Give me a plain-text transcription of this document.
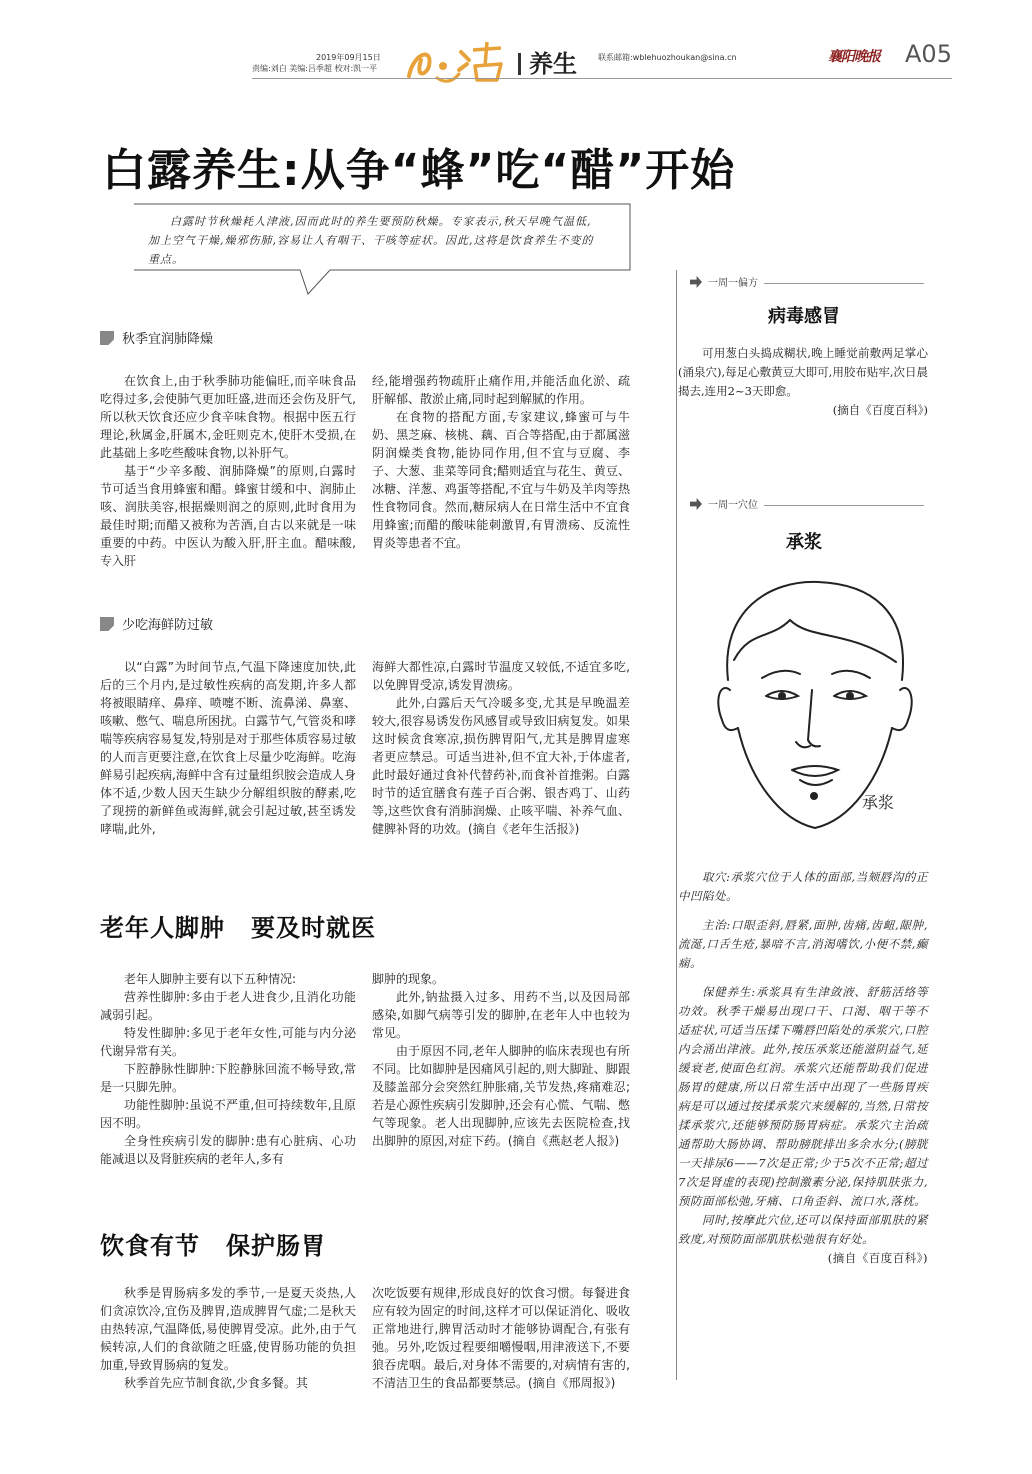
2019年09月15日
责编:刘白 美编:吕季超 校对:凯一平	养生	联系邮箱:wblehuozhoukan@sina.cn	襄阳晚报 A05
白露养生:从争“蜂”吃“醋”开始
白露时节秋燥耗人津液,因而此时的养生要预防秋燥。专家表示,秋天早晚气温低,加上空气干燥,燥邪伤肺,容易让人有咽干、干咳等症状。因此,这将是饮食养生不变的重点。
秋季宜润肺降燥

在饮食上,由于秋季肺功能偏旺,而辛味食品吃得过多,会使肺气更加旺盛,进而还会伤及肝气,所以秋天饮食还应少食辛味食物。根据中医五行理论,秋属金,肝属木,金旺则克木,使肝木受损,在此基础上多吃些酸味食物,以补肝气。

基于“少辛多酸、润肺降燥”的原则,白露时节可适当食用蜂蜜和醋。蜂蜜甘缓和中、润肺止咳、润肤美容,根据燥则润之的原则,此时食用为最佳时期;而醋又被称为苦酒,自古以来就是一味重要的中药。中医认为酸入肝,肝主血。醋味酸,专入肝

经,能增强药物疏肝止痛作用,并能活血化淤、疏肝解郁、散淤止痛,同时起到解腻的作用。

在食物的搭配方面,专家建议,蜂蜜可与牛奶、黑芝麻、核桃、藕、百合等搭配,由于都属滋阴润燥类食物,能协同作用,但不宜与豆腐、李子、大葱、韭菜等同食;醋则适宜与花生、黄豆、冰糖、洋葱、鸡蛋等搭配,不宜与牛奶及羊肉等热性食物同食。然而,糖尿病人在日常生活中不宜食用蜂蜜;而醋的酸味能刺激胃,有胃溃疡、反流性胃炎等患者不宜。

少吃海鲜防过敏

以“白露”为时间节点,气温下降速度加快,此后的三个月内,是过敏性疾病的高发期,许多人都将被眼睛痒、鼻痒、喷嚏不断、流鼻涕、鼻塞、咳嗽、憋气、喘息所困扰。白露节气,气管炎和哮喘等疾病容易复发,特别是对于那些体质容易过敏的人而言更要注意,在饮食上尽量少吃海鲜。吃海鲜易引起疾病,海鲜中含有过量组织胺会造成人身体不适,少数人因天生缺少分解组织胺的酵素,吃了现捞的新鲜鱼或海鲜,就会引起过敏,甚至诱发哮喘,此外,

海鲜大都性凉,白露时节温度又较低,不适宜多吃,以免脾胃受凉,诱发胃溃疡。

此外,白露后天气冷暖多变,尤其是早晚温差较大,很容易诱发伤风感冒或导致旧病复发。如果这时候贪食寒凉,损伤脾胃阳气,尤其是脾胃虚寒者更应禁忌。可适当进补,但不宜大补,于体虚者,此时最好通过食补代替药补,而食补首推粥。白露时节的适宜膳食有莲子百合粥、银杏鸡丁、山药等,这些饮食有消肺润燥、止咳平喘、补养气血、健脾补肾的功效。(摘自《老年生活报》)

老年人脚肿 要及时就医

老年人脚肿主要有以下五种情况:

营养性脚肿:多由于老人进食少,且消化功能减弱引起。

特发性脚肿:多见于老年女性,可能与内分泌代谢异常有关。

下腔静脉性脚肿:下腔静脉回流不畅导致,常是一只脚先肿。

功能性脚肿:虽说不严重,但可持续数年,且原因不明。

全身性疾病引发的脚肿:患有心脏病、心功能减退以及肾脏疾病的老年人,多有

脚肿的现象。

此外,钠盐摄入过多、用药不当,以及因局部感染,如脚气病等引发的脚肿,在老年人中也较为常见。

由于原因不同,老年人脚肿的临床表现也有所不同。比如脚肿是因痛风引起的,则大脚趾、脚跟及膝盖部分会突然红肿胀痛,关节发热,疼痛难忍;若是心源性疾病引发脚肿,还会有心慌、气喘、憋气等现象。老人出现脚肿,应该先去医院检查,找出脚肿的原因,对症下药。(摘自《燕赵老人报》)

饮食有节 保护肠胃

秋季是胃肠病多发的季节,一是夏天炎热,人们贪凉饮冷,宜伤及脾胃,造成脾胃气虚;二是秋天由热转凉,气温降低,易使脾胃受凉。此外,由于气候转凉,人们的食欲随之旺盛,使胃肠功能的负担加重,导致胃肠病的复发。

秋季首先应节制食欲,少食多餐。其

次吃饭要有规律,形成良好的饮食习惯。每餐进食应有较为固定的时间,这样才可以保证消化、吸收正常地进行,脾胃活动时才能够协调配合,有张有弛。另外,吃饭过程要细嚼慢咽,用津液送下,不要狼吞虎咽。最后,对身体不需要的,对病情有害的,不清洁卫生的食品都要禁忌。(摘自《邢周报》)

一周一偏方
病毒感冒

可用葱白头捣成糊状,晚上睡觉前敷两足掌心(涌泉穴),每足心敷黄豆大即可,用胶布贴牢,次日晨揭去,连用2~3天即愈。

(摘自《百度百科》)

一周一穴位
承浆
承浆

取穴:承浆穴位于人体的面部,当颏唇沟的正中凹陷处。

主治:口眼歪斜,唇紧,面肿,齿痛,齿衄,龈肿,流涎,口舌生疮,暴喑不言,消渴嗜饮,小便不禁,癫痫。

保健养生:承浆具有生津敛液、舒筋活络等功效。秋季干燥易出现口干、口渴、咽干等不适症状,可适当压揉下嘴唇凹陷处的承浆穴,口腔内会涌出津液。此外,按压承浆还能滋阴益气,延缓衰老,使面色红润。承浆穴还能帮助我们促进肠胃的健康,所以日常生活中出现了一些肠胃疾病是可以通过按揉承浆穴来缓解的,当然,日常按揉承浆穴,还能够预防肠胃病症。承浆穴主治疏通帮助大肠协调、帮助膀胱排出多余水分;(膀胱一天排尿6——7次是正常;少于5次不正常;超过7次是肾虚的表现)控制激素分泌,保持肌肤张力,预防面部松弛,牙痛、口角歪斜、流口水,落枕。

同时,按摩此穴位,还可以保持面部肌肤的紧致度,对预防面部肌肤松弛很有好处。

(摘自《百度百科》)
